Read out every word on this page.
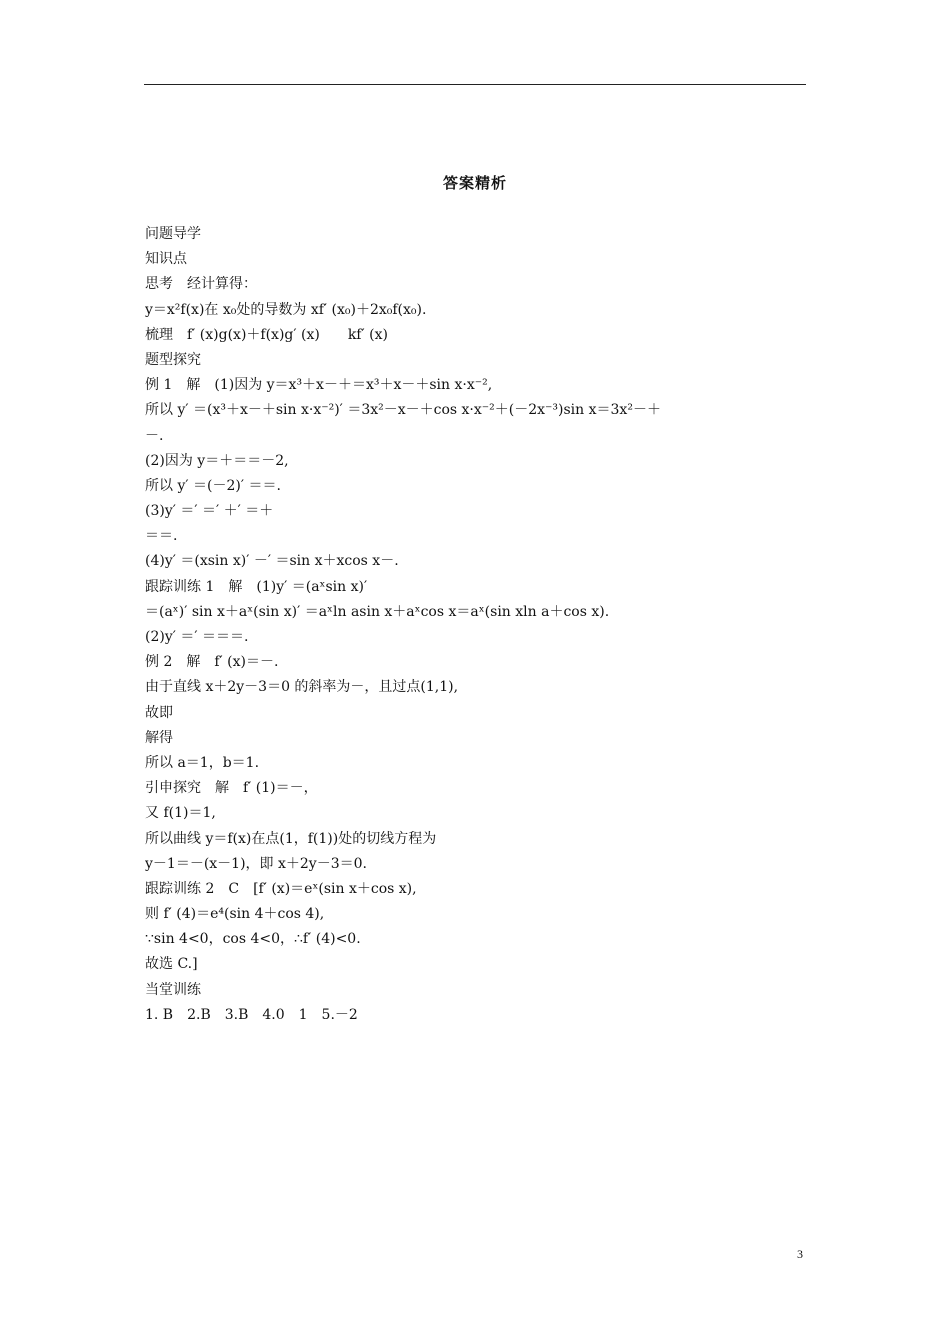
答案精析
问题导学
知识点
思考　经计算得：
y＝x²f(x)在 x₀处的导数为 xf′ (x₀)＋2x₀f(x₀).
梳理　f′ (x)g(x)＋f(x)g′ (x)　　kf′ (x)
题型探究
例 1　解　(1)因为 y＝x³＋x－＋＝x³＋x－＋sin x·x⁻²,
所以 y′ ＝(x³＋x－＋sin x·x⁻²)′ ＝3x²－x－＋cos x·x⁻²＋(－2x⁻³)sin x＝3x²－＋
－.
(2)因为 y＝＋＝＝－2,
所以 y′ ＝(－2)′ ＝＝.
(3)y′ ＝′ ＝′ ＋′ ＝＋
＝＝.
(4)y′ ＝(xsin x)′ －′ ＝sin x＋xcos x－.
跟踪训练 1　解　(1)y′ ＝(aˣsin x)′
＝(aˣ)′ sin x＋aˣ(sin x)′ ＝aˣln asin x＋aˣcos x＝aˣ(sin xln a＋cos x).
(2)y′ ＝′ ＝＝＝.
例 2　解　f′ (x)＝－.
由于直线 x＋2y－3＝0 的斜率为－，且过点(1,1),
故即
解得
所以 a＝1，b＝1.
引申探究　解　f′ (1)＝－，
又 f(1)＝1,
所以曲线 y＝f(x)在点(1，f(1))处的切线方程为
y－1＝－(x－1)，即 x＋2y－3＝0.
跟踪训练 2　C　[f′ (x)＝eˣ(sin x＋cos x),
则 f′ (4)＝e⁴(sin 4＋cos 4),
∵sin 4<0，cos 4<0，∴f′ (4)<0.
故选 C.]
当堂训练
1. B　2.B　3.B　4.0　1　5.－2
3
